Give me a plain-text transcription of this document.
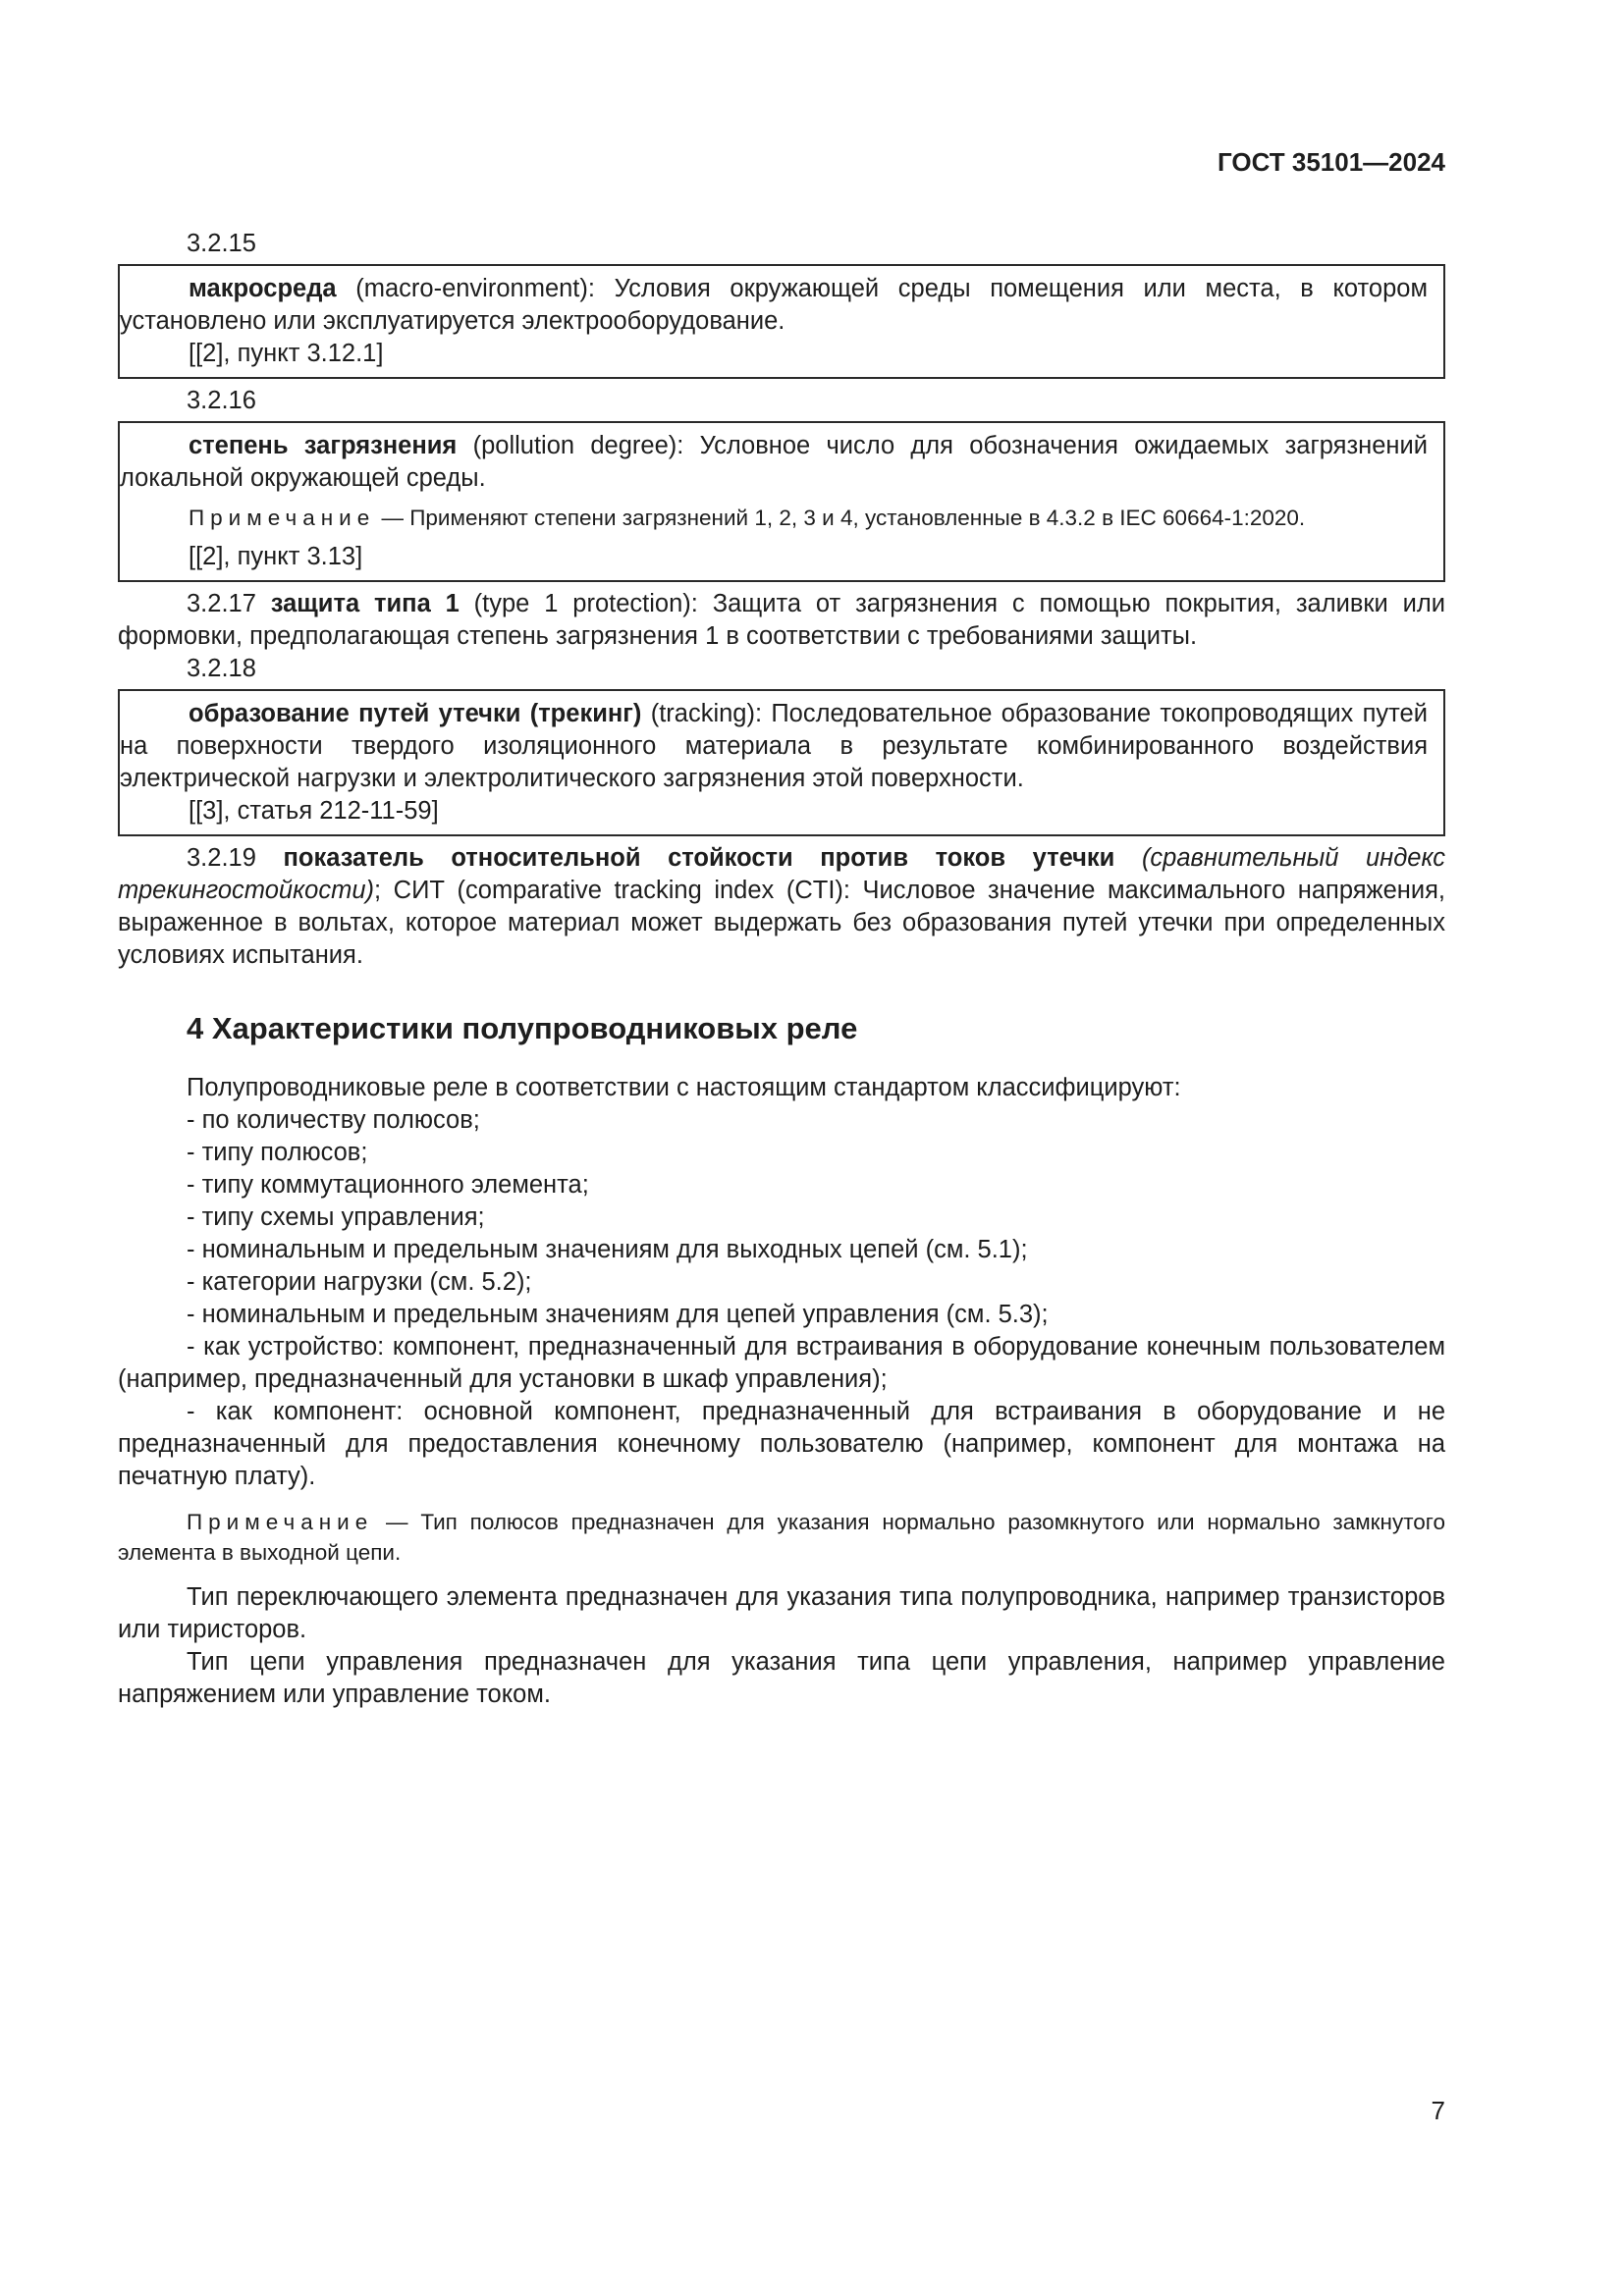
ГОСТ 35101—2024

3.2.15

макросреда (macro-environment): Условия окружающей среды помещения или места, в котором установлено или эксплуатируется электрооборудование.

[[2], пункт 3.12.1]

3.2.16

степень загрязнения (pollution degree): Условное число для обозначения ожидаемых загрязнений локальной окружающей среды.

Примечание — Применяют степени загрязнений 1, 2, 3 и 4, установленные в 4.3.2 в IEC 60664-1:2020.

[[2], пункт 3.13]

3.2.17 защита типа 1 (type 1 protection): Защита от загрязнения с помощью покрытия, заливки или формовки, предполагающая степень загрязнения 1 в соответствии с требованиями защиты.

3.2.18

образование путей утечки (трекинг) (tracking): Последовательное образование токопроводящих путей на поверхности твердого изоляционного материала в результате комбинированного воздействия электрической нагрузки и электролитического загрязнения этой поверхности.

[[3], статья 212-11-59]

3.2.19 показатель относительной стойкости против токов утечки (сравнительный индекс трекингостойкости); СИТ (comparative tracking index (CTI): Числовое значение максимального напряжения, выраженное в вольтах, которое материал может выдержать без образования путей утечки при определенных условиях испытания.

4 Характеристики полупроводниковых реле

Полупроводниковые реле в соответствии с настоящим стандартом классифицируют:

- по количеству полюсов;

- типу полюсов;

- типу коммутационного элемента;

- типу схемы управления;

- номинальным и предельным значениям для выходных цепей (см. 5.1);

- категории нагрузки (см. 5.2);

- номинальным и предельным значениям для цепей управления (см. 5.3);

- как устройство: компонент, предназначенный для встраивания в оборудование конечным пользователем (например, предназначенный для установки в шкаф управления);

- как компонент: основной компонент, предназначенный для встраивания в оборудование и не предназначенный для предоставления конечному пользователю (например, компонент для монтажа на печатную плату).

Примечание — Тип полюсов предназначен для указания нормально разомкнутого или нормально замкнутого элемента в выходной цепи.

Тип переключающего элемента предназначен для указания типа полупроводника, например транзисторов или тиристоров.

Тип цепи управления предназначен для указания типа цепи управления, например управление напряжением или управление током.

7
